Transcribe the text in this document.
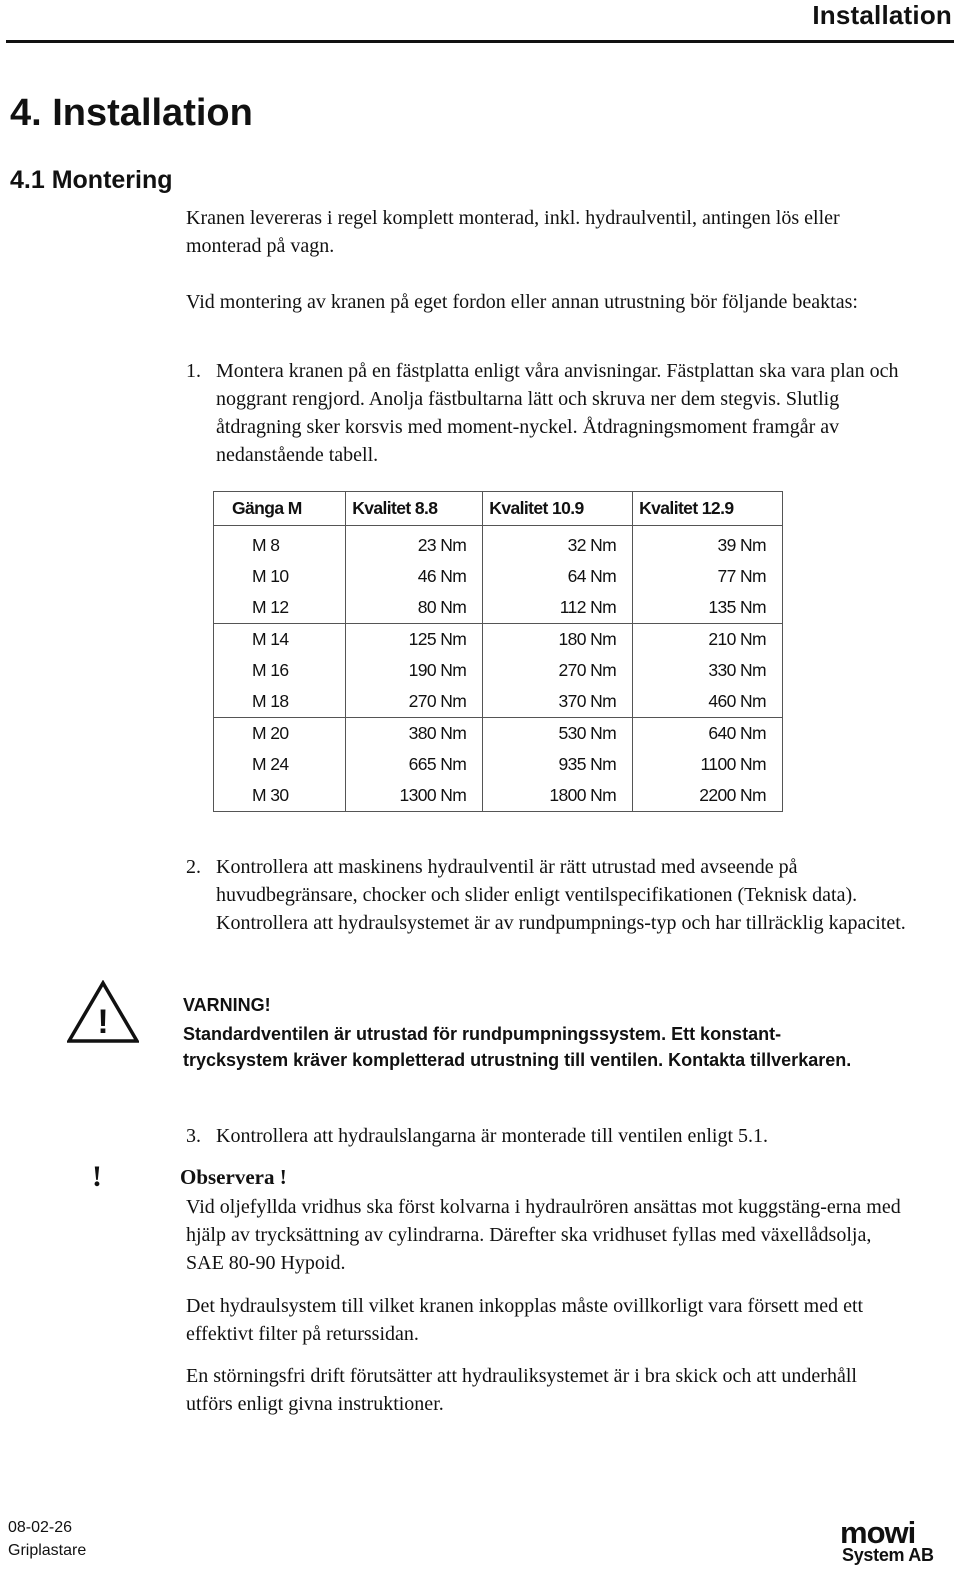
Installation
4. Installation
4.1 Montering

Kranen levereras i regel komplett monterad, inkl. hydraulventil, antingen lös eller monterad på vagn.

Vid montering av kranen på eget fordon eller annan utrustning bör följande beaktas:

1. Montera kranen på en fästplatta enligt våra anvisningar. Fästplattan ska vara plan och noggrant rengjord. Anolja fästbultarna lätt och skruva ner dem stegvis. Slutlig åtdragning sker korsvis med moment-nyckel. Åtdragningsmoment framgår av nedanstående tabell.
Gänga M	Kvalitet 8.8	Kvalitet 10.9	Kvalitet 12.9
M 8	23 Nm	32 Nm	39 Nm
M 10	46 Nm	64 Nm	77 Nm
M 12	80 Nm	112 Nm	135 Nm
M 14	125 Nm	180 Nm	210 Nm
M 16	190 Nm	270 Nm	330 Nm
M 18	270 Nm	370 Nm	460 Nm
M 20	380 Nm	530 Nm	640 Nm
M 24	665 Nm	935 Nm	1100 Nm
M 30	1300 Nm	1800 Nm	2200 Nm
2. Kontrollera att maskinens hydraulventil är rätt utrustad med avseende på huvudbegränsare, chocker och slider enligt ventilspecifikationen (Teknisk data). Kontrollera att hydraulsystemet är av rundpumpnings-typ och har tillräcklig kapacitet.
!	VARNING!

Standardventilen är utrustad för rundpumpningssystem. Ett konstant-trycksystem kräver kompletterad utrustning till ventilen. Kontakta tillverkaren.

3. Kontrollera att hydraulslangarna är monterade till ventilen enligt 5.1.
!	Observera !

Vid oljefyllda vridhus ska först kolvarna i hydraulrören ansättas mot kuggstäng-erna med hjälp av trycksättning av cylindrarna. Därefter ska vridhuset fyllas med växellådsolja, SAE 80-90 Hypoid.

Det hydraulsystem till vilket kranen inkopplas måste ovillkorligt vara försett med ett effektivt filter på returssidan.

En störningsfri drift förutsätter att hydrauliksystemet är i bra skick och att underhåll utförs enligt givna instruktioner.

08-02-26
Griplastare
mowi
System AB
